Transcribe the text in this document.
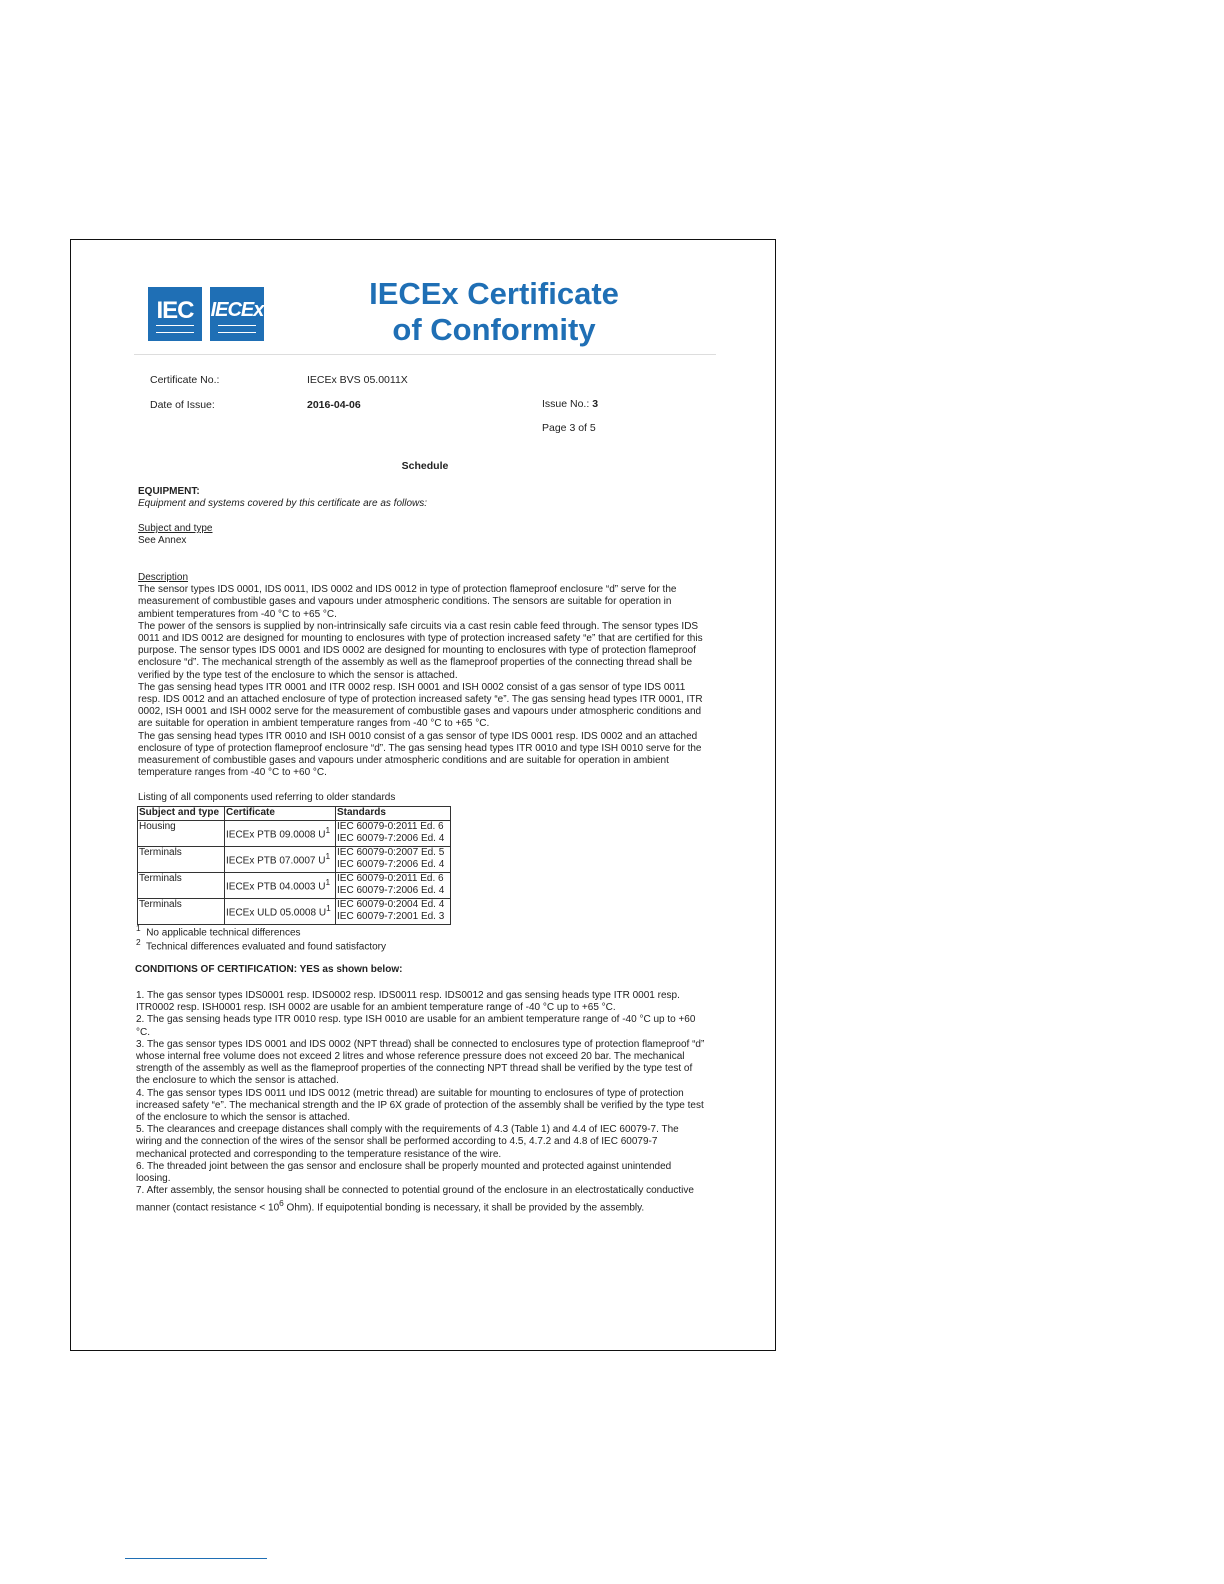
IEC IECEx	IECEx Certificate
of Conformity
Certificate No.:	IECEx BVS 05.0011X
Date of Issue:	2016-04-06	Issue No.: 3
Page 3 of 5
Schedule
EQUIPMENT:
Equipment and systems covered by this certificate are as follows:
Subject and type
See Annex
Description
The sensor types IDS 0001, IDS 0011, IDS 0002 and IDS 0012 in type of protection flameproof enclosure “d” serve for the measurement of combustible gases and vapours under atmospheric conditions. The sensors are suitable for operation in ambient temperatures from -40 °C to +65 °C.
The power of the sensors is supplied by non-intrinsically safe circuits via a cast resin cable feed through. The sensor types IDS 0011 and IDS 0012 are designed for mounting to enclosures with type of protection increased safety “e” that are certified for this purpose. The sensor types IDS 0001 and IDS 0002 are designed for mounting to enclosures with type of protection flameproof enclosure “d”. The mechanical strength of the assembly as well as the flameproof properties of the connecting thread shall be verified by the type test of the enclosure to which the sensor is attached.
The gas sensing head types ITR 0001 and ITR 0002 resp. ISH 0001 and ISH 0002 consist of a gas sensor of type IDS 0011 resp. IDS 0012 and an attached enclosure of type of protection increased safety “e”. The gas sensing head types ITR 0001, ITR 0002, ISH 0001 and ISH 0002 serve for the measurement of combustible gases and vapours under atmospheric conditions and are suitable for operation in ambient temperature ranges from -40 °C to +65 °C.
The gas sensing head types ITR 0010 and ISH 0010 consist of a gas sensor of type IDS 0001 resp. IDS 0002 and an attached enclosure of type of protection flameproof enclosure “d”. The gas sensing head types ITR 0010 and type ISH 0010 serve for the measurement of combustible gases and vapours under atmospheric conditions and are suitable for operation in ambient temperature ranges from -40 °C to +60 °C.
Listing of all components used referring to older standards
Subject and type	Certificate	Standards
Housing	IECEx PTB 09.0008 $U^1$	IEC 60079-0:2011 Ed. 6
IEC 60079-7:2006 Ed. 4

Terminals	IECEx PTB 07.0007 $U^1$	IEC 60079-0:2007 Ed. 5
IEC 60079-7:2006 Ed. 4

Terminals	IECEx PTB 04.0003 $U^1$	IEC 60079-0:2011 Ed. 6
IEC 60079-7:2006 Ed. 4

Terminals	IECEx ULD 05.0008 $U^1$	IEC 60079-0:2004 Ed. 4
IEC 60079-7:2001 Ed. 3
$^1$ No applicable technical differences
$^2$ Technical differences evaluated and found satisfactory
CONDITIONS OF CERTIFICATION: YES as shown below:
1. The gas sensor types IDS0001 resp. IDS0002 resp. IDS0011 resp. IDS0012 and gas sensing heads type ITR 0001 resp. ITR0002 resp. ISH0001 resp. ISH 0002 are usable for an ambient temperature range of -40 °C up to +65 °C.
2. The gas sensing heads type ITR 0010 resp. type ISH 0010 are usable for an ambient temperature range of -40 °C up to +60 °C.
3. The gas sensor types IDS 0001 and IDS 0002 (NPT thread) shall be connected to enclosures type of protection flameproof “d” whose internal free volume does not exceed 2 litres and whose reference pressure does not exceed 20 bar. The mechanical strength of the assembly as well as the flameproof properties of the connecting NPT thread shall be verified by the type test of the enclosure to which the sensor is attached.
4. The gas sensor types IDS 0011 und IDS 0012 (metric thread) are suitable for mounting to enclosures of type of protection increased safety “e”. The mechanical strength and the IP 6X grade of protection of the assembly shall be verified by the type test of the enclosure to which the sensor is attached.
5. The clearances and creepage distances shall comply with the requirements of 4.3 (Table 1) and 4.4 of IEC 60079-7. The wiring and the connection of the wires of the sensor shall be performed according to 4.5, 4.7.2 and 4.8 of IEC 60079-7 mechanical protected and corresponding to the temperature resistance of the wire.
6. The threaded joint between the gas sensor and enclosure shall be properly mounted and protected against unintended loosing.
7. After assembly, the sensor housing shall be connected to potential ground of the enclosure in an electrostatically conductive manner (contact resistance < $10^6$ Ohm). If equipotential bonding is necessary, it shall be provided by the assembly.
